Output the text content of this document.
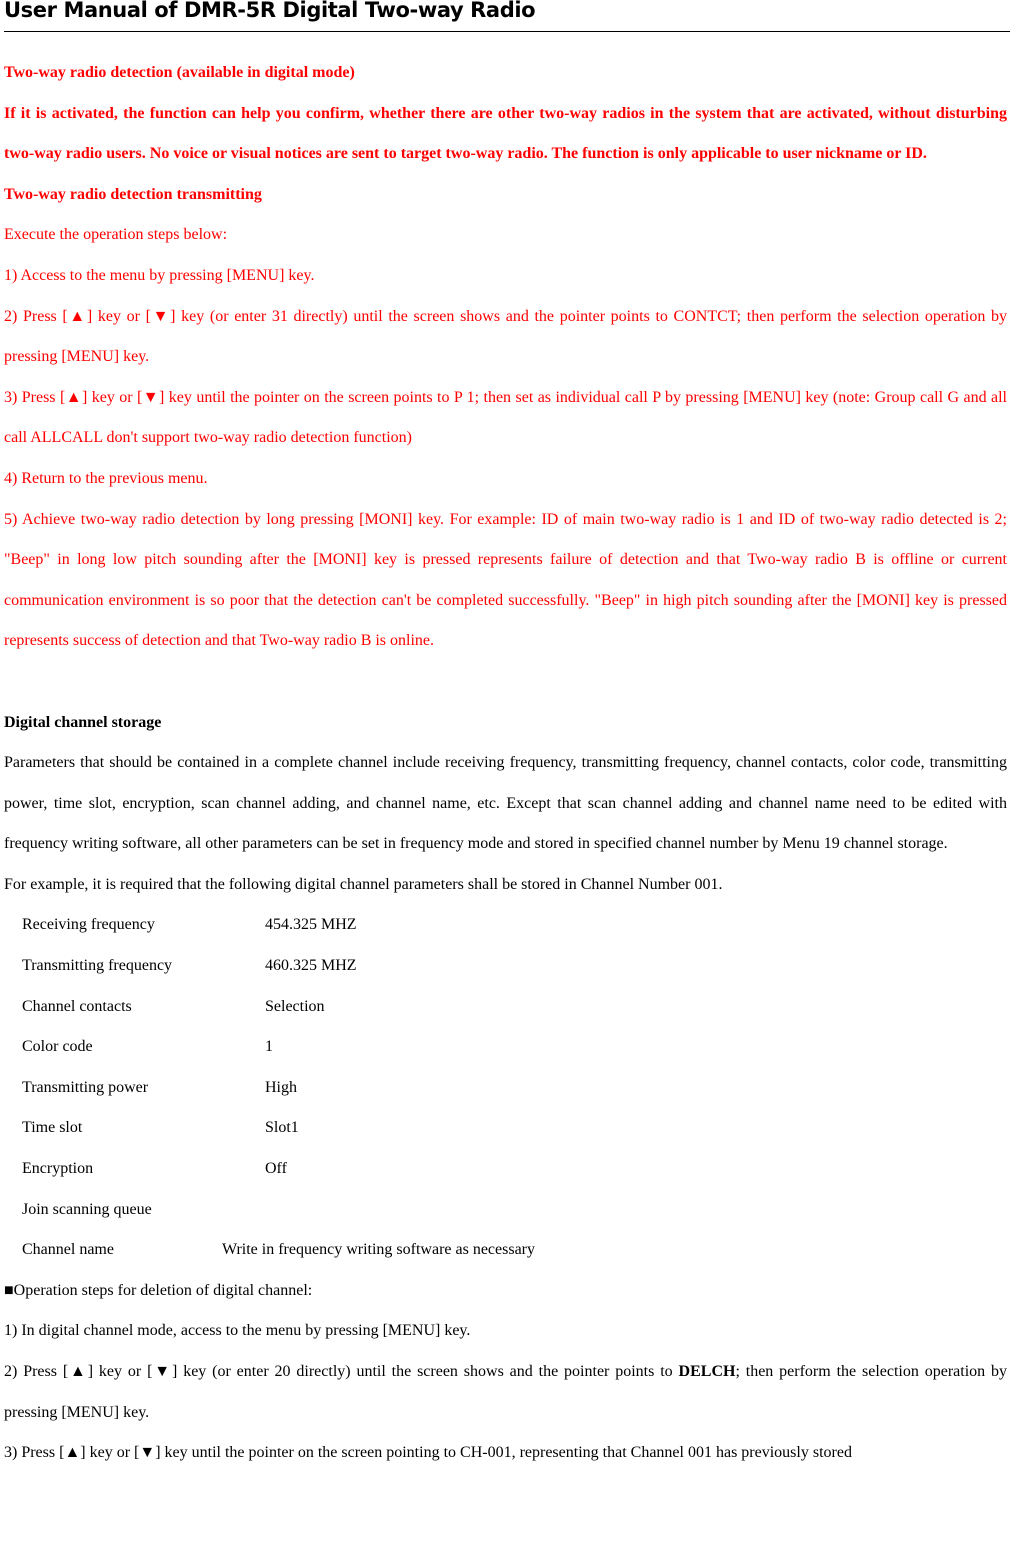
User Manual of DMR-5R Digital Two-way Radio
Two-way radio detection (available in digital mode)
If it is activated, the function can help you confirm, whether there are other two-way radios in the system that are activated, without disturbing two-way radio users. No voice or visual notices are sent to target two-way radio. The function is only applicable to user nickname or ID.
Two-way radio detection transmitting
Execute the operation steps below:
1) Access to the menu by pressing [MENU] key.
2) Press [▲] key or [▼] key (or enter 31 directly) until the screen shows and the pointer points to CONTCT; then perform the selection operation by pressing [MENU] key.
3) Press [▲] key or [▼] key until the pointer on the screen points to P 1; then set as individual call P by pressing [MENU] key (note: Group call G and all call ALLCALL don't support two-way radio detection function)
4) Return to the previous menu.
5) Achieve two-way radio detection by long pressing [MONI] key. For example: ID of main two-way radio is 1 and ID of two-way radio detected is 2; "Beep" in long low pitch sounding after the [MONI] key is pressed represents failure of detection and that Two-way radio B is offline or current communication environment is so poor that the detection can't be completed successfully. "Beep" in high pitch sounding after the [MONI] key is pressed represents success of detection and that Two-way radio B is online.
Digital channel storage
Parameters that should be contained in a complete channel include receiving frequency, transmitting frequency, channel contacts, color code, transmitting power, time slot, encryption, scan channel adding, and channel name, etc. Except that scan channel adding and channel name need to be edited with frequency writing software, all other parameters can be set in frequency mode and stored in specified channel number by Menu 19 channel storage.
For example, it is required that the following digital channel parameters shall be stored in Channel Number 001.
Receiving frequency	454.325 MHZ
Transmitting frequency	460.325 MHZ
Channel contacts	Selection
Color code	1
Transmitting power	High
Time slot	Slot1
Encryption	Off
Join scanning queue
Channel name	Write in frequency writing software as necessary
■Operation steps for deletion of digital channel:
1) In digital channel mode, access to the menu by pressing [MENU] key.
2) Press [▲] key or [▼] key (or enter 20 directly) until the screen shows and the pointer points to DELCH; then perform the selection operation by pressing [MENU] key.
3) Press [▲] key or [▼] key until the pointer on the screen pointing to CH-001, representing that Channel 001 has previously stored
